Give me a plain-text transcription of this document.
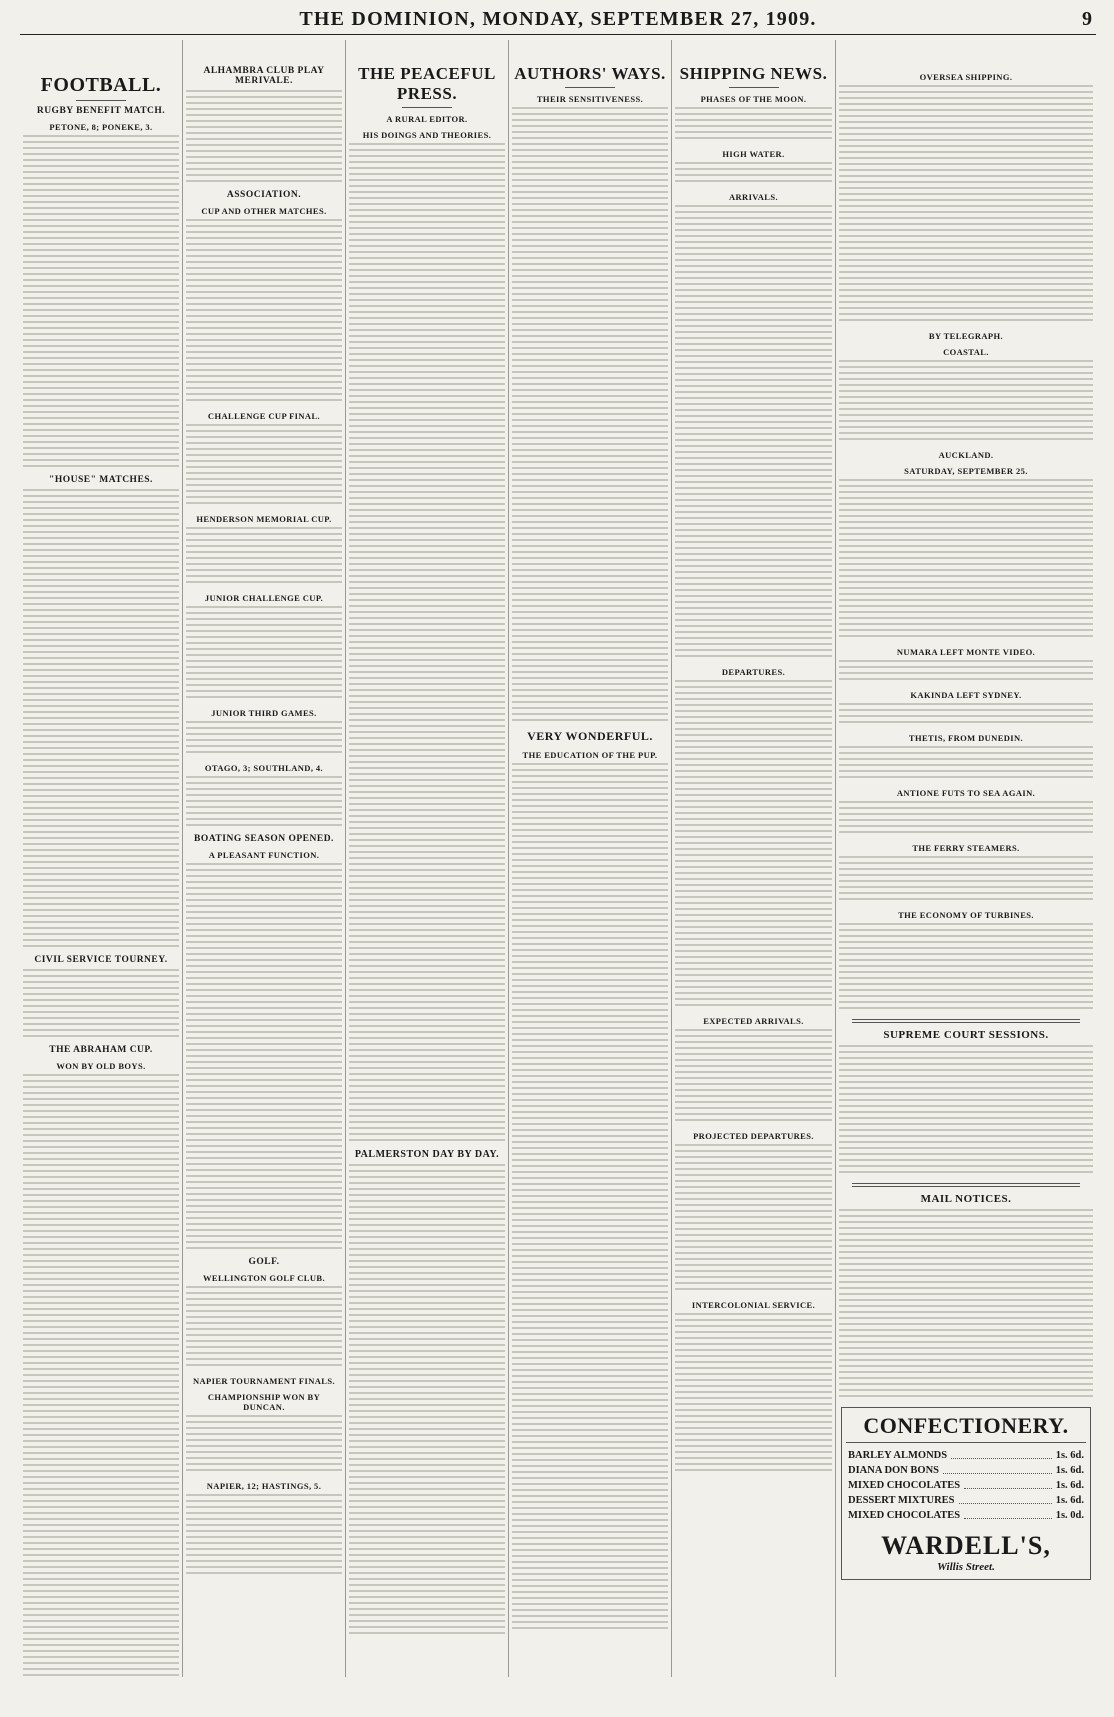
THE DOMINION, MONDAY, SEPTEMBER 27, 1909.	9
FOOTBALL.
RUGBY BENEFIT MATCH.
PETONE, 8; PONEKE, 3.
"HOUSE" MATCHES.
CIVIL SERVICE TOURNEY.
THE ABRAHAM CUP.
WON BY OLD BOYS.
ALHAMBRA CLUB PLAY MERIVALE.
ASSOCIATION.
CUP AND OTHER MATCHES.
CHALLENGE CUP FINAL.
HENDERSON MEMORIAL CUP.
JUNIOR CHALLENGE CUP.
JUNIOR THIRD GAMES.
OTAGO, 3; SOUTHLAND, 4.
BOATING SEASON OPENED.
A PLEASANT FUNCTION.
GOLF.
WELLINGTON GOLF CLUB.
NAPIER TOURNAMENT FINALS.
CHAMPIONSHIP WON BY DUNCAN.
NAPIER, 12; HASTINGS, 5.
THE PEACEFUL PRESS.
A RURAL EDITOR.
HIS DOINGS AND THEORIES.
PALMERSTON DAY BY DAY.
AUTHORS' WAYS.
THEIR SENSITIVENESS.
VERY WONDERFUL.
THE EDUCATION OF THE PUP.
SHIPPING NEWS.
PHASES OF THE MOON.
HIGH WATER.
ARRIVALS.
DEPARTURES.
EXPECTED ARRIVALS.
PROJECTED DEPARTURES.
INTERCOLONIAL SERVICE.
OVERSEA SHIPPING.
BY TELEGRAPH.
COASTAL.
AUCKLAND.
SATURDAY, SEPTEMBER 25.
NUMARA LEFT MONTE VIDEO.
KAKINDA LEFT SYDNEY.
THETIS, FROM DUNEDIN.
ANTIONE FUTS TO SEA AGAIN.
THE FERRY STEAMERS.
THE ECONOMY OF TURBINES.
SUPREME COURT SESSIONS.
MAIL NOTICES.
CONFECTIONERY.
BARLEY ALMONDS	1s. 6d.
DIANA DON BONS	1s. 6d.
MIXED CHOCOLATES	1s. 6d.
DESSERT MIXTURES	1s. 6d.
MIXED CHOCOLATES	1s. 0d.
WARDELL'S,
Willis Street.
